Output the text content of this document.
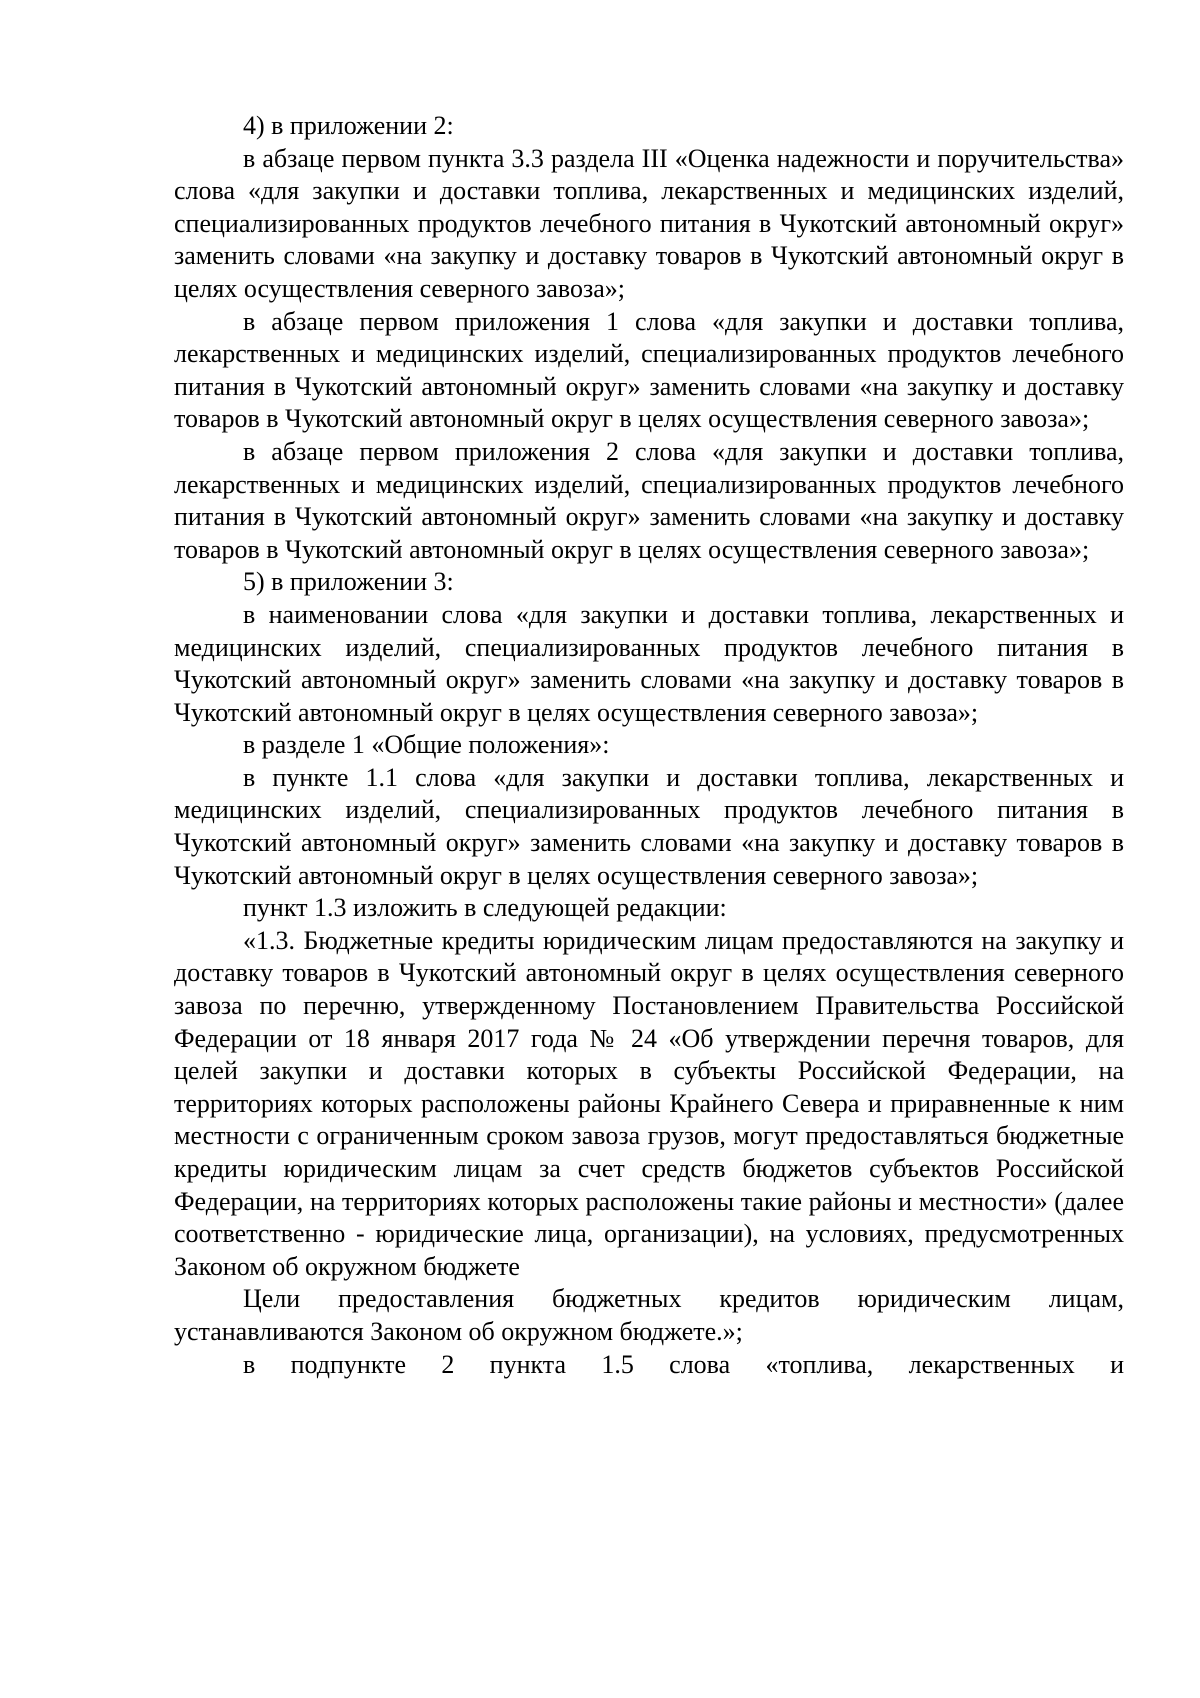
4) в приложении 2:

в абзаце первом пункта 3.3 раздела III «Оценка надежности и поручительства» слова «для закупки и доставки топлива, лекарственных и медицинских изделий, специализированных продуктов лечебного питания в Чукотский автономный округ» заменить словами «на закупку и доставку товаров в Чукотский автономный округ в целях осуществления северного завоза»;

в абзаце первом приложения 1 слова «для закупки и доставки топлива, лекарственных и медицинских изделий, специализированных продуктов лечебного питания в Чукотский автономный округ» заменить словами «на закупку и доставку товаров в Чукотский автономный округ в целях осуществления северного завоза»;

в абзаце первом приложения 2 слова «для закупки и доставки топлива, лекарственных и медицинских изделий, специализированных продуктов лечебного питания в Чукотский автономный округ» заменить словами «на закупку и доставку товаров в Чукотский автономный округ в целях осуществления северного завоза»;

5) в приложении 3:

в наименовании слова «для закупки и доставки топлива, лекарственных и медицинских изделий, специализированных продуктов лечебного питания в Чукотский автономный округ» заменить словами «на закупку и доставку товаров в Чукотский автономный округ в целях осуществления северного завоза»;

в разделе 1 «Общие положения»:

в пункте 1.1 слова «для закупки и доставки топлива, лекарственных и медицинских изделий, специализированных продуктов лечебного питания в Чукотский автономный округ» заменить словами «на закупку и доставку товаров в Чукотский автономный округ в целях осуществления северного завоза»;

пункт 1.3 изложить в следующей редакции:

«1.3. Бюджетные кредиты юридическим лицам предоставляются на закупку и доставку товаров в Чукотский автономный округ в целях осуществления северного завоза по перечню, утвержденному Постановлением Правительства Российской Федерации от 18 января 2017 года № 24 «Об утверждении перечня товаров, для целей закупки и доставки которых в субъекты Российской Федерации, на территориях которых расположены районы Крайнего Севера и приравненные к ним местности с ограниченным сроком завоза грузов, могут предоставляться бюджетные кредиты юридическим лицам за счет средств бюджетов субъектов Российской Федерации, на территориях которых расположены такие районы и местности» (далее соответственно - юридические лица, организации), на условиях, предусмотренных Законом об окружном бюджете

Цели предоставления бюджетных кредитов юридическим лицам, устанавливаются Законом об окружном бюджете.»;

в подпункте 2 пункта 1.5 слова «топлива, лекарственных и
